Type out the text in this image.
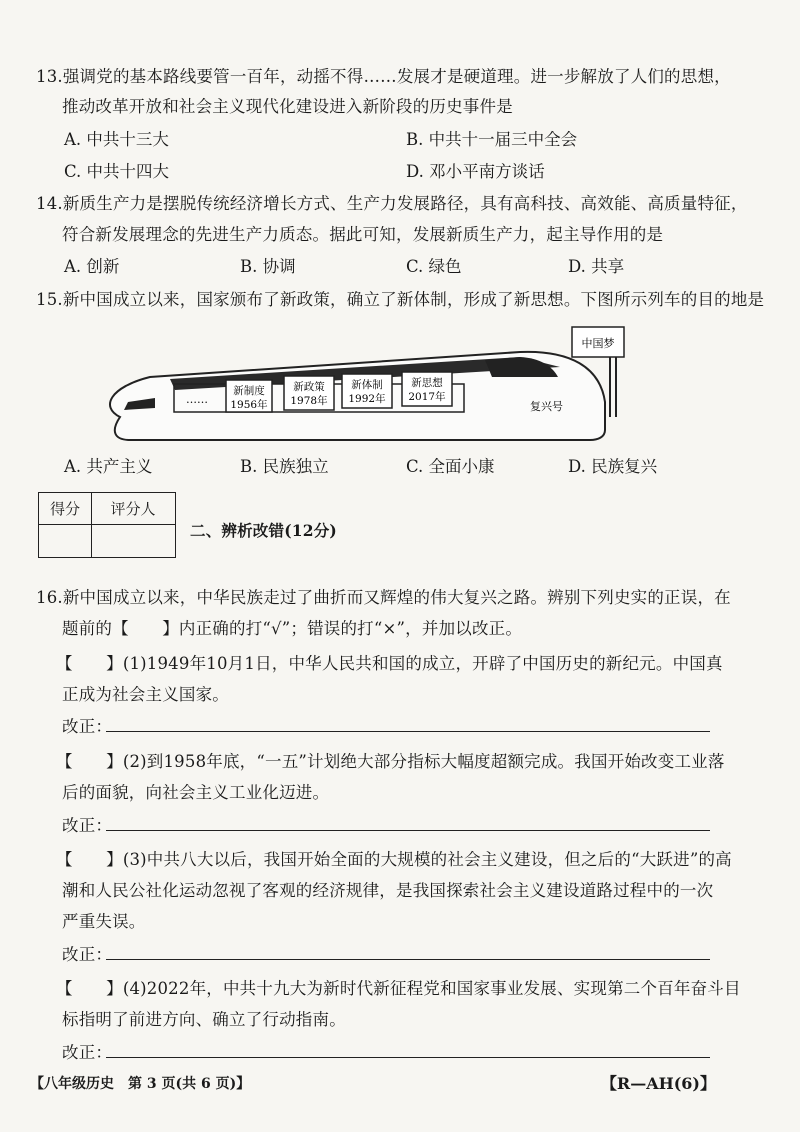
13.强调党的基本路线要管一百年，动摇不得……发展才是硬道理。进一步解放了人们的思想，
推动改革开放和社会主义现代化建设进入新阶段的历史事件是
A. 中共十三大	B. 中共十一届三中全会
C. 中共十四大	D. 邓小平南方谈话
14.新质生产力是摆脱传统经济增长方式、生产力发展路径，具有高科技、高效能、高质量特征，
符合新发展理念的先进生产力质态。据此可知，发展新质生产力，起主导作用的是
A. 创新	B. 协调	C. 绿色	D. 共享
15.新中国成立以来，国家颁布了新政策，确立了新体制，形成了新思想。下图所示列车的目的地是
中国梦
……
新制度
1956年
新政策
1978年
新体制
1992年
新思想
2017年
复兴号
A. 共产主义	B. 民族独立	C. 全面小康	D. 民族复兴
得分	评分人
二、辨析改错(12分)
16.新中国成立以来，中华民族走过了曲折而又辉煌的伟大复兴之路。辨别下列史实的正误，在
题前的【　　】内正确的打“√”；错误的打“×”，并加以改正。
【　　】(1)1949年10月1日，中华人民共和国的成立，开辟了中国历史的新纪元。中国真
正成为社会主义国家。
改正：
【　　】(2)到1958年底，“一五”计划绝大部分指标大幅度超额完成。我国开始改变工业落
后的面貌，向社会主义工业化迈进。
改正：
【　　】(3)中共八大以后，我国开始全面的大规模的社会主义建设，但之后的“大跃进”的高
潮和人民公社化运动忽视了客观的经济规律，是我国探索社会主义建设道路过程中的一次
严重失误。
改正：
【　　】(4)2022年，中共十九大为新时代新征程党和国家事业发展、实现第二个百年奋斗目
标指明了前进方向、确立了行动指南。
改正：
【八年级历史　第 3 页(共 6 页)】	【R—AH(6)】
